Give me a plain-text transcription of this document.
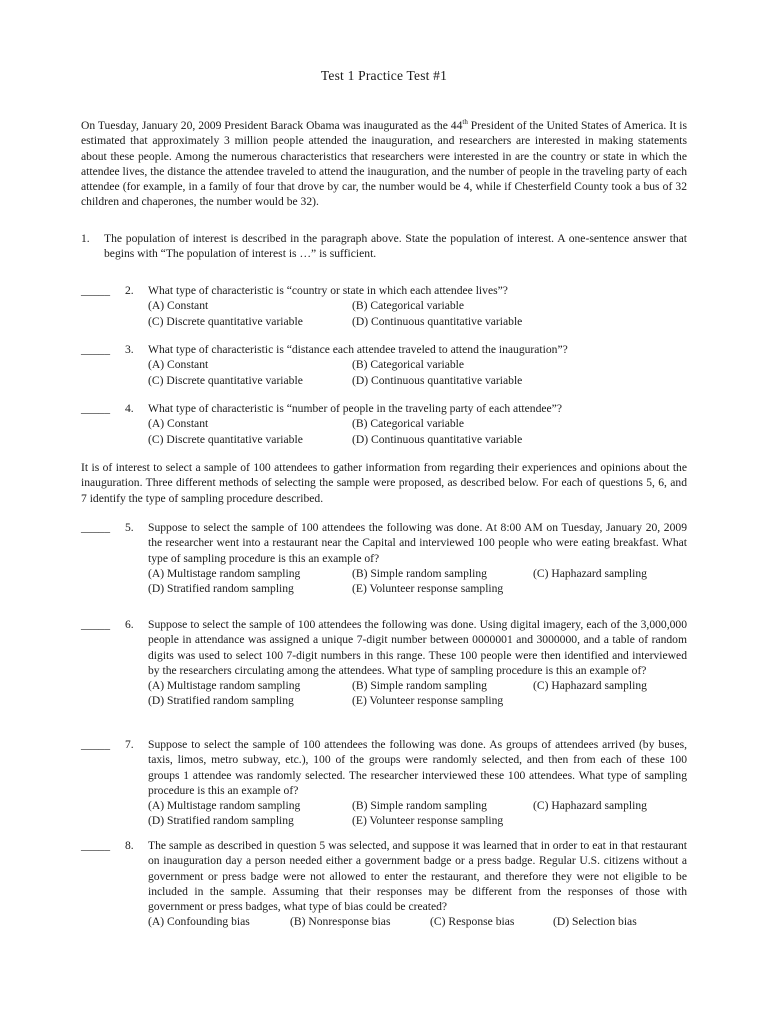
Test 1 Practice Test #1
On Tuesday, January 20, 2009 President Barack Obama was inaugurated as the 44th President of the United States of America. It is estimated that approximately 3 million people attended the inauguration, and researchers are interested in making statements about these people. Among the numerous characteristics that researchers were interested in are the country or state in which the attendee lives, the distance the attendee traveled to attend the inauguration, and the number of people in the traveling party of each attendee (for example, in a family of four that drove by car, the number would be 4, while if Chesterfield County took a bus of 32 children and chaperones, the number would be 32).
1. The population of interest is described in the paragraph above. State the population of interest. A one-sentence answer that begins with “The population of interest is …” is sufficient.
_____ 2. What type of characteristic is “country or state in which each attendee lives”?
(A) Constant	(B) Categorical variable
(C) Discrete quantitative variable	(D) Continuous quantitative variable
_____ 3. What type of characteristic is “distance each attendee traveled to attend the inauguration”?
(A) Constant	(B) Categorical variable
(C) Discrete quantitative variable	(D) Continuous quantitative variable
_____ 4. What type of characteristic is “number of people in the traveling party of each attendee”?
(A) Constant	(B) Categorical variable
(C) Discrete quantitative variable	(D) Continuous quantitative variable
It is of interest to select a sample of 100 attendees to gather information from regarding their experiences and opinions about the inauguration. Three different methods of selecting the sample were proposed, as described below. For each of questions 5, 6, and 7 identify the type of sampling procedure described.
_____ 5. Suppose to select the sample of 100 attendees the following was done. At 8:00 AM on Tuesday, January 20, 2009 the researcher went into a restaurant near the Capital and interviewed 100 people who were eating breakfast. What type of sampling procedure is this an example of?
(A) Multistage random sampling	(B) Simple random sampling	(C) Haphazard sampling
(D) Stratified random sampling	(E) Volunteer response sampling
_____ 6. Suppose to select the sample of 100 attendees the following was done. Using digital imagery, each of the 3,000,000 people in attendance was assigned a unique 7-digit number between 0000001 and 3000000, and a table of random digits was used to select 100 7-digit numbers in this range. These 100 people were then identified and interviewed by the researchers circulating among the attendees. What type of sampling procedure is this an example of?
(A) Multistage random sampling	(B) Simple random sampling	(C) Haphazard sampling
(D) Stratified random sampling	(E) Volunteer response sampling
_____ 7. Suppose to select the sample of 100 attendees the following was done. As groups of attendees arrived (by buses, taxis, limos, metro subway, etc.), 100 of the groups were randomly selected, and then from each of these 100 groups 1 attendee was randomly selected. The researcher interviewed these 100 attendees. What type of sampling procedure is this an example of?
(A) Multistage random sampling	(B) Simple random sampling	(C) Haphazard sampling
(D) Stratified random sampling	(E) Volunteer response sampling
_____ 8. The sample as described in question 5 was selected, and suppose it was learned that in order to eat in that restaurant on inauguration day a person needed either a government badge or a press badge. Regular U.S. citizens without a government or press badge were not allowed to enter the restaurant, and therefore they were not eligible to be included in the sample. Assuming that their responses may be different from the responses of those with government or press badges, what type of bias could be created?
(A) Confounding bias	(B) Nonresponse bias	(C) Response bias	(D) Selection bias
